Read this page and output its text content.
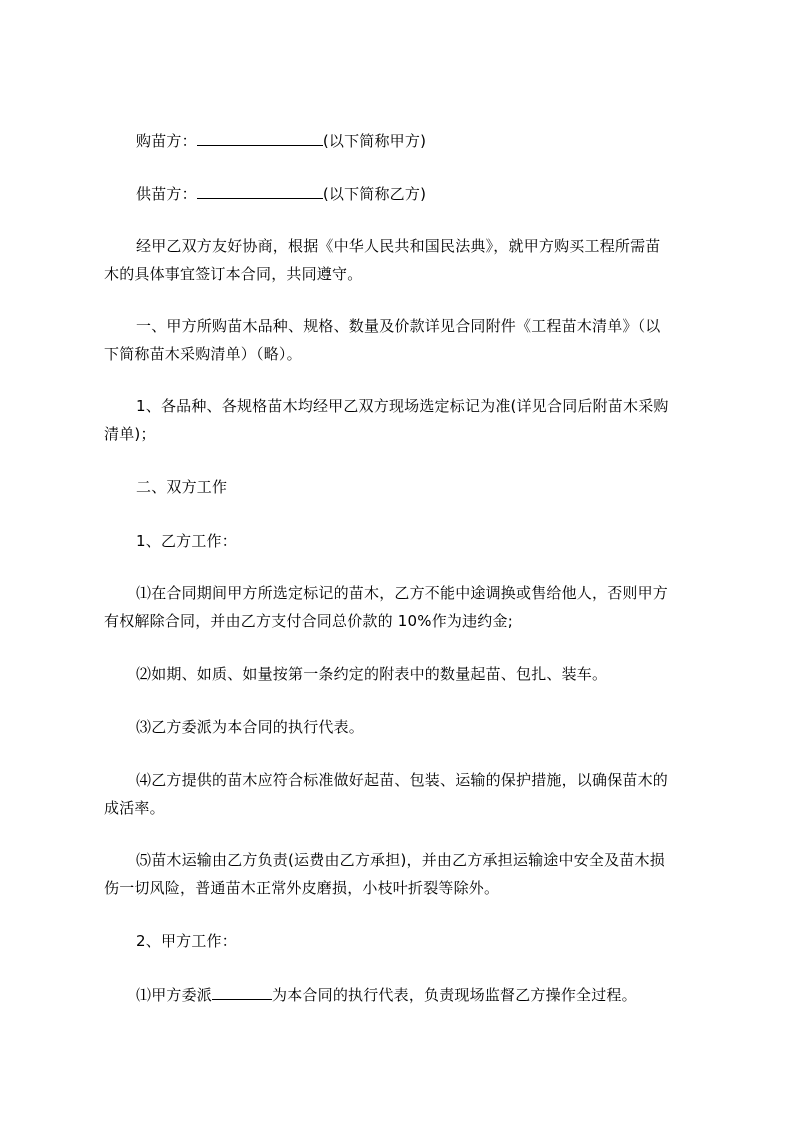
购苗方：	(以下简称甲方)
供苗方：	(以下简称乙方)
经甲乙双方友好协商，根据《中华人民共和国民法典》，就甲方购买工程所需苗
木的具体事宜签订本合同，共同遵守。
一、甲方所购苗木品种、规格、数量及价款详见合同附件《工程苗木清单》（以
下简称苗木采购清单）（略）。
1、各品种、各规格苗木均经甲乙双方现场选定标记为准(详见合同后附苗木采购
清单)；
二、双方工作
1、乙方工作：
⑴在合同期间甲方所选定标记的苗木，乙方不能中途调换或售给他人，否则甲方
有权解除合同，并由乙方支付合同总价款的 10%作为违约金;
⑵如期、如质、如量按第一条约定的附表中的数量起苗、包扎、装车。
⑶乙方委派为本合同的执行代表。
⑷乙方提供的苗木应符合标准做好起苗、包装、运输的保护措施，以确保苗木的
成活率。
⑸苗木运输由乙方负责(运费由乙方承担)，并由乙方承担运输途中安全及苗木损
伤一切风险，普通苗木正常外皮磨损，小枝叶折裂等除外。
2、甲方工作：
⑴甲方委派	为本合同的执行代表，负责现场监督乙方操作全过程。
